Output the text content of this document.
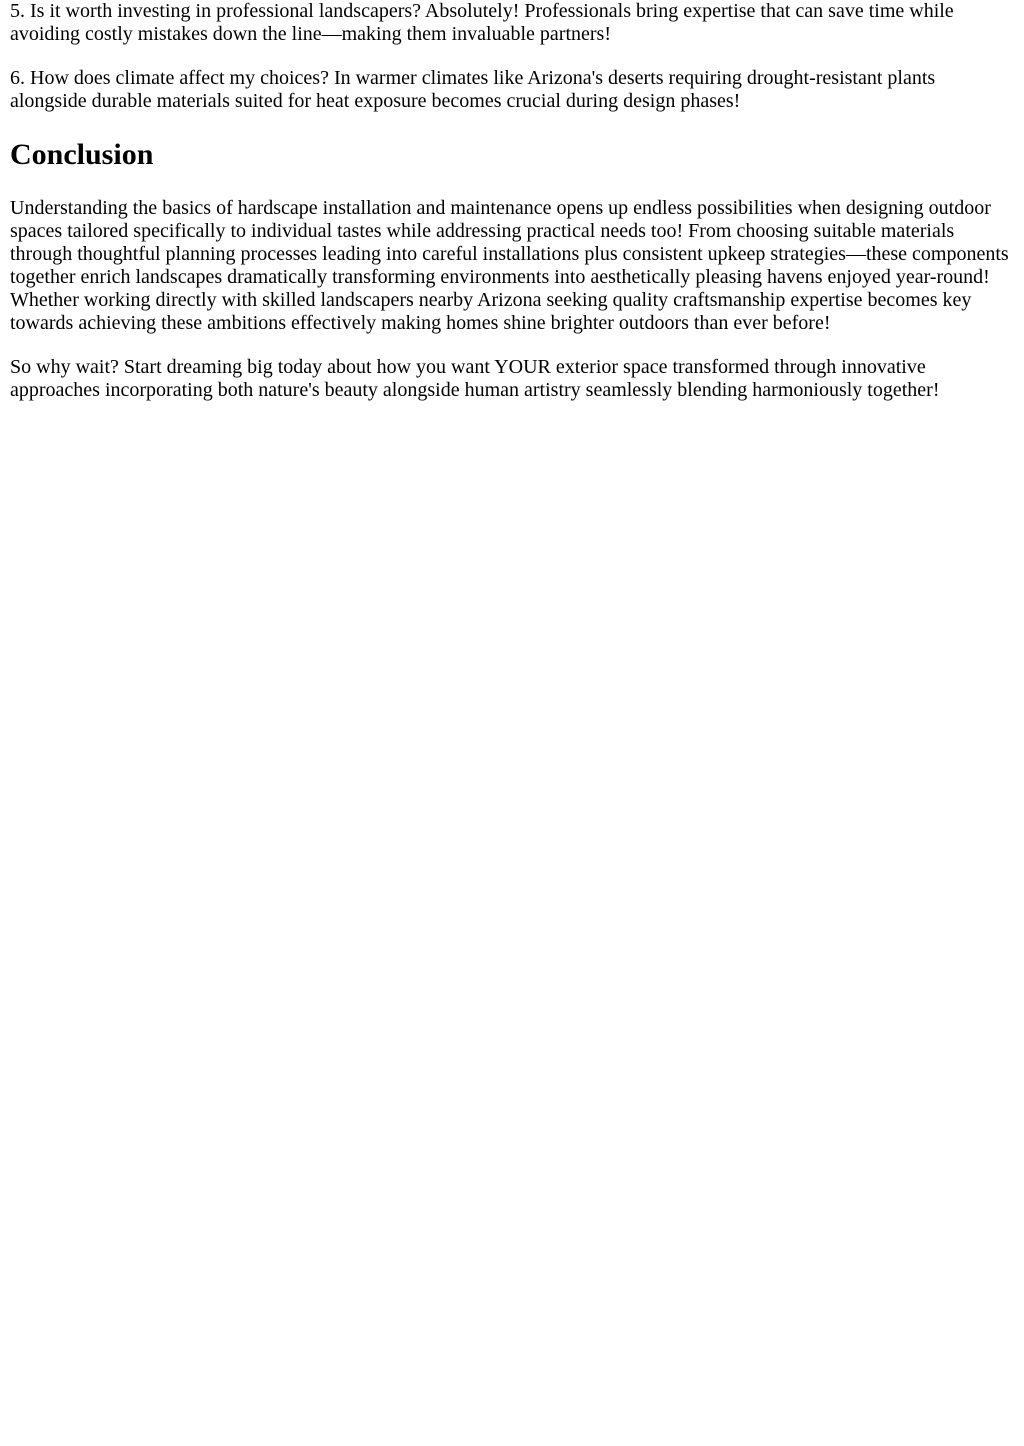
5. Is it worth investing in professional landscapers? Absolutely! Professionals bring expertise that can save time while avoiding costly mistakes down the line—making them invaluable partners!

6. How does climate affect my choices? In warmer climates like Arizona's deserts requiring drought-resistant plants alongside durable materials suited for heat exposure becomes crucial during design phases!

Conclusion

Understanding the basics of hardscape installation and maintenance opens up endless possibilities when designing outdoor spaces tailored specifically to individual tastes while addressing practical needs too! From choosing suitable materials through thoughtful planning processes leading into careful installations plus consistent upkeep strategies—these components together enrich landscapes dramatically transforming environments into aesthetically pleasing havens enjoyed year-round! Whether working directly with skilled landscapers nearby Arizona seeking quality craftsmanship expertise becomes key towards achieving these ambitions effectively making homes shine brighter outdoors than ever before!

So why wait? Start dreaming big today about how you want YOUR exterior space transformed through innovative approaches incorporating both nature's beauty alongside human artistry seamlessly blending harmoniously together!
